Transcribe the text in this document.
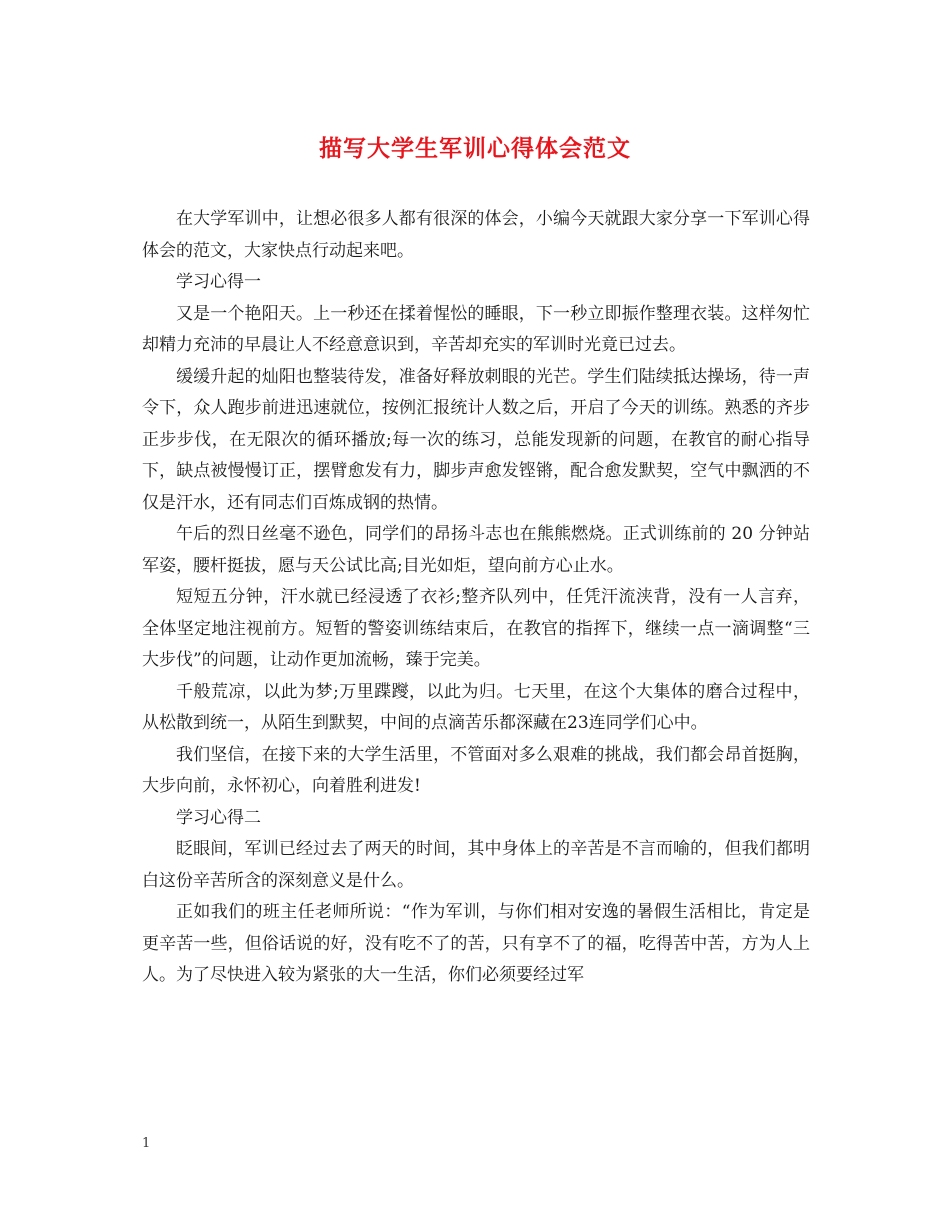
描写大学生军训心得体会范文

在大学军训中，让想必很多人都有很深的体会，小编今天就跟大家分享一下军训心得体会的范文，大家快点行动起来吧。

学习心得一

又是一个艳阳天。上一秒还在揉着惺忪的睡眼，下一秒立即振作整理衣装。这样匆忙却精力充沛的早晨让人不经意意识到，辛苦却充实的军训时光竟已过去。

缓缓升起的灿阳也整装待发，准备好释放刺眼的光芒。学生们陆续抵达操场，待一声令下，众人跑步前进迅速就位，按例汇报统计人数之后，开启了今天的训练。熟悉的齐步正步步伐，在无限次的循环播放;每一次的练习，总能发现新的问题，在教官的耐心指导下，缺点被慢慢订正，摆臂愈发有力，脚步声愈发铿锵，配合愈发默契，空气中飘洒的不仅是汗水，还有同志们百炼成钢的热情。

午后的烈日丝毫不逊色，同学们的昂扬斗志也在熊熊燃烧。正式训练前的 20 分钟站军姿，腰杆挺拔，愿与天公试比高;目光如炬，望向前方心止水。

短短五分钟，汗水就已经浸透了衣衫;整齐队列中，任凭汗流浃背，没有一人言弃，全体坚定地注视前方。短暂的警姿训练结束后，在教官的指挥下，继续一点一滴调整“三大步伐”的问题，让动作更加流畅，臻于完美。

千般荒凉，以此为梦;万里蹀躞，以此为归。七天里，在这个大集体的磨合过程中，从松散到统一，从陌生到默契，中间的点滴苦乐都深藏在23连同学们心中。

我们坚信，在接下来的大学生活里，不管面对多么艰难的挑战，我们都会昂首挺胸，大步向前，永怀初心，向着胜利进发!

学习心得二

眨眼间，军训已经过去了两天的时间，其中身体上的辛苦是不言而喻的，但我们都明白这份辛苦所含的深刻意义是什么。

正如我们的班主任老师所说：“作为军训，与你们相对安逸的暑假生活相比，肯定是更辛苦一些，但俗话说的好，没有吃不了的苦，只有享不了的福，吃得苦中苦，方为人上人。为了尽快进入较为紧张的大一生活，你们必须要经过军

1
